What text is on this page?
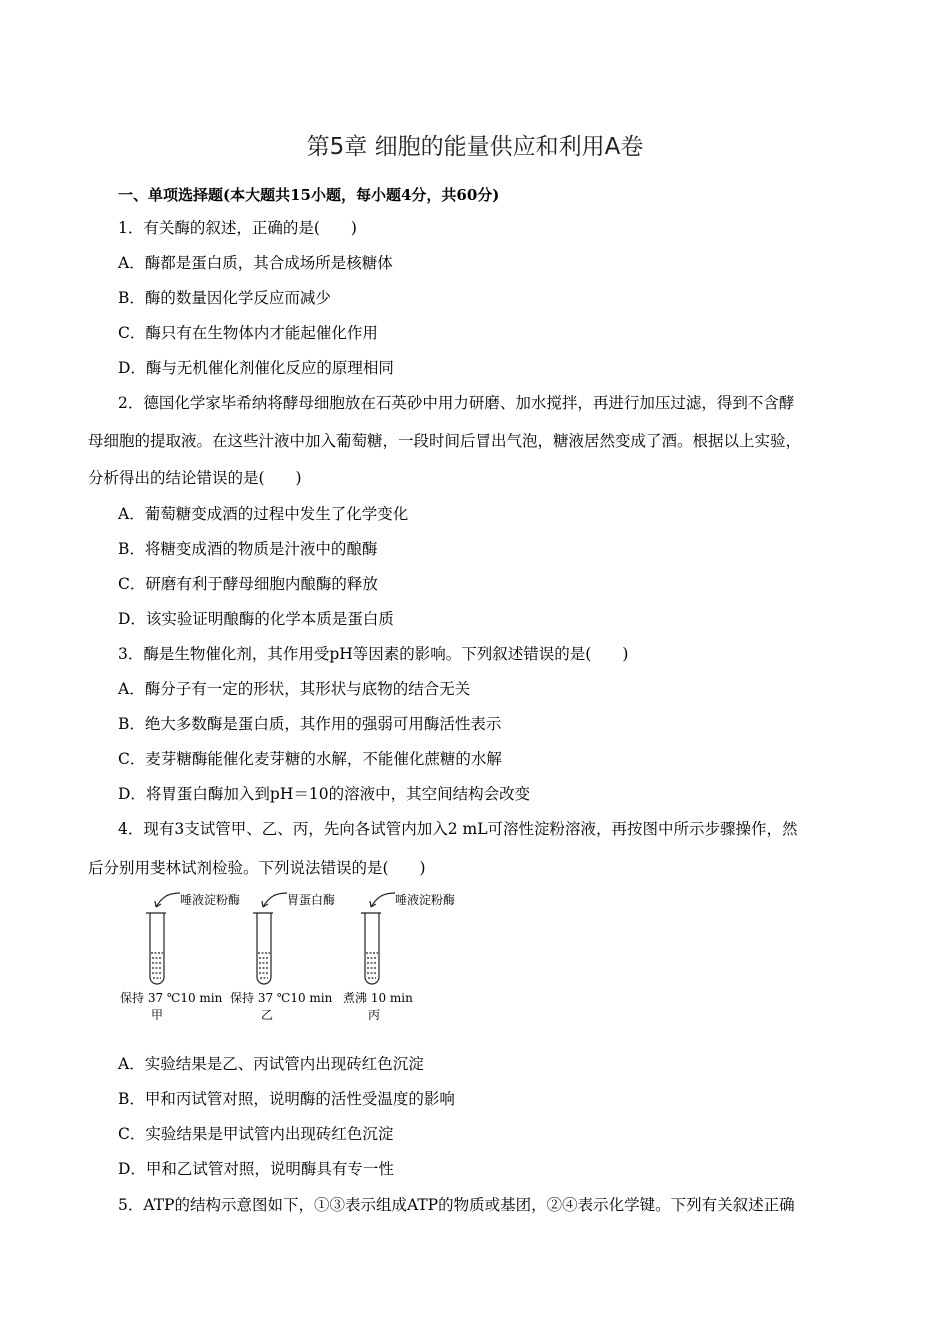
第5章 细胞的能量供应和利用A卷
一、单项选择题(本大题共15小题，每小题4分，共60分)
1．有关酶的叙述，正确的是(　　)
A．酶都是蛋白质，其合成场所是核糖体
B．酶的数量因化学反应而减少
C．酶只有在生物体内才能起催化作用
D．酶与无机催化剂催化反应的原理相同
2．德国化学家毕希纳将酵母细胞放在石英砂中用力研磨、加水搅拌，再进行加压过滤，得到不含酵
母细胞的提取液。在这些汁液中加入葡萄糖，一段时间后冒出气泡，糖液居然变成了酒。根据以上实验，
分析得出的结论错误的是(　　)
A．葡萄糖变成酒的过程中发生了化学变化
B．将糖变成酒的物质是汁液中的酿酶
C．研磨有利于酵母细胞内酿酶的释放
D．该实验证明酿酶的化学本质是蛋白质
3．酶是生物催化剂，其作用受pH等因素的影响。下列叙述错误的是(　　)
A．酶分子有一定的形状，其形状与底物的结合无关
B．绝大多数酶是蛋白质，其作用的强弱可用酶活性表示
C．麦芽糖酶能催化麦芽糖的水解，不能催化蔗糖的水解
D．将胃蛋白酶加入到pH＝10的溶液中，其空间结构会改变
4．现有3支试管甲、乙、丙，先向各试管内加入2 mL可溶性淀粉溶液，再按图中所示步骤操作，然
后分别用斐林试剂检验。下列说法错误的是(　　)
唾液淀粉酶	胃蛋白酶	唾液淀粉酶
保持 37 ℃10 min 保持 37 ℃10 min 煮沸 10 min
甲	乙	丙
A．实验结果是乙、丙试管内出现砖红色沉淀
B．甲和丙试管对照，说明酶的活性受温度的影响
C．实验结果是甲试管内出现砖红色沉淀
D．甲和乙试管对照，说明酶具有专一性
5．ATP的结构示意图如下，①③表示组成ATP的物质或基团，②④表示化学键。下列有关叙述正确
